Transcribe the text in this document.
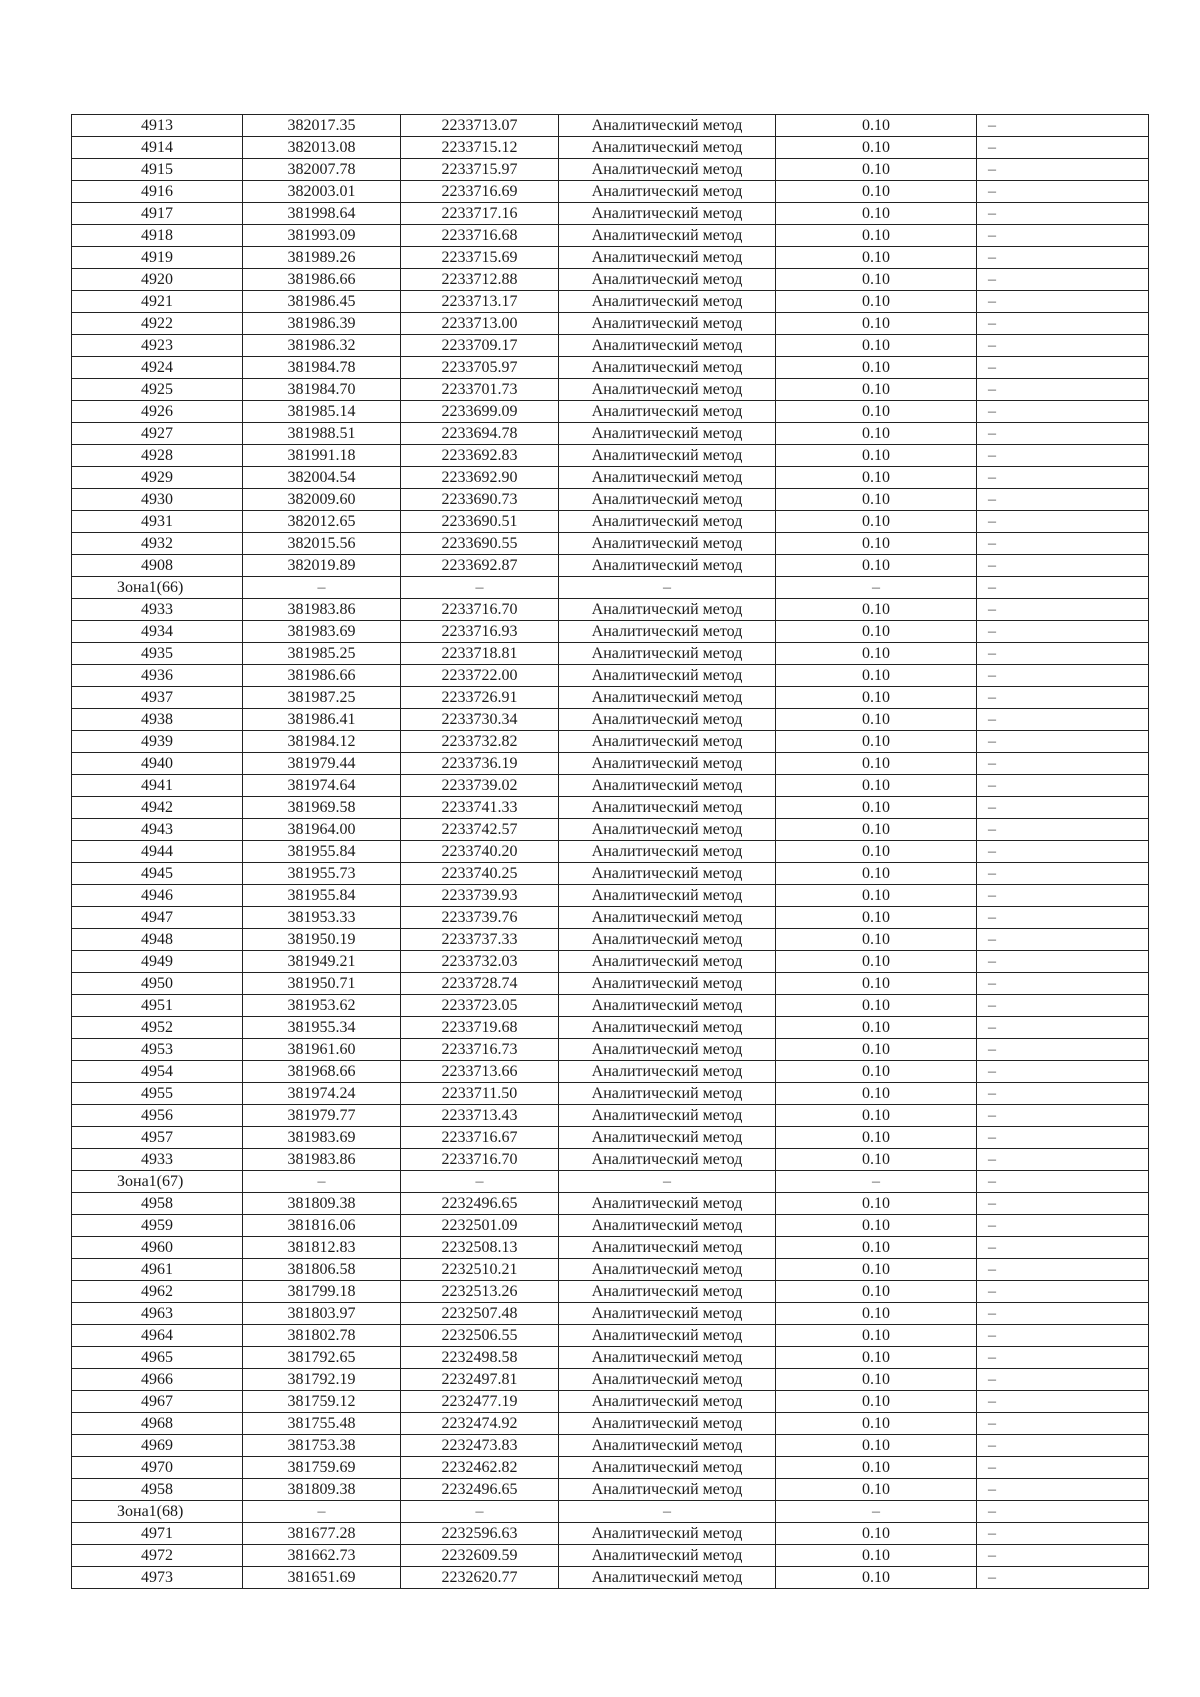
4913	382017.35	2233713.07	Аналитический метод	0.10	–
4914	382013.08	2233715.12	Аналитический метод	0.10	–
4915	382007.78	2233715.97	Аналитический метод	0.10	–
4916	382003.01	2233716.69	Аналитический метод	0.10	–
4917	381998.64	2233717.16	Аналитический метод	0.10	–
4918	381993.09	2233716.68	Аналитический метод	0.10	–
4919	381989.26	2233715.69	Аналитический метод	0.10	–
4920	381986.66	2233712.88	Аналитический метод	0.10	–
4921	381986.45	2233713.17	Аналитический метод	0.10	–
4922	381986.39	2233713.00	Аналитический метод	0.10	–
4923	381986.32	2233709.17	Аналитический метод	0.10	–
4924	381984.78	2233705.97	Аналитический метод	0.10	–
4925	381984.70	2233701.73	Аналитический метод	0.10	–
4926	381985.14	2233699.09	Аналитический метод	0.10	–
4927	381988.51	2233694.78	Аналитический метод	0.10	–
4928	381991.18	2233692.83	Аналитический метод	0.10	–
4929	382004.54	2233692.90	Аналитический метод	0.10	–
4930	382009.60	2233690.73	Аналитический метод	0.10	–
4931	382012.65	2233690.51	Аналитический метод	0.10	–
4932	382015.56	2233690.55	Аналитический метод	0.10	–
4908	382019.89	2233692.87	Аналитический метод	0.10	–
Зона1(66)	–	–	–	–	–
4933	381983.86	2233716.70	Аналитический метод	0.10	–
4934	381983.69	2233716.93	Аналитический метод	0.10	–
4935	381985.25	2233718.81	Аналитический метод	0.10	–
4936	381986.66	2233722.00	Аналитический метод	0.10	–
4937	381987.25	2233726.91	Аналитический метод	0.10	–
4938	381986.41	2233730.34	Аналитический метод	0.10	–
4939	381984.12	2233732.82	Аналитический метод	0.10	–
4940	381979.44	2233736.19	Аналитический метод	0.10	–
4941	381974.64	2233739.02	Аналитический метод	0.10	–
4942	381969.58	2233741.33	Аналитический метод	0.10	–
4943	381964.00	2233742.57	Аналитический метод	0.10	–
4944	381955.84	2233740.20	Аналитический метод	0.10	–
4945	381955.73	2233740.25	Аналитический метод	0.10	–
4946	381955.84	2233739.93	Аналитический метод	0.10	–
4947	381953.33	2233739.76	Аналитический метод	0.10	–
4948	381950.19	2233737.33	Аналитический метод	0.10	–
4949	381949.21	2233732.03	Аналитический метод	0.10	–
4950	381950.71	2233728.74	Аналитический метод	0.10	–
4951	381953.62	2233723.05	Аналитический метод	0.10	–
4952	381955.34	2233719.68	Аналитический метод	0.10	–
4953	381961.60	2233716.73	Аналитический метод	0.10	–
4954	381968.66	2233713.66	Аналитический метод	0.10	–
4955	381974.24	2233711.50	Аналитический метод	0.10	–
4956	381979.77	2233713.43	Аналитический метод	0.10	–
4957	381983.69	2233716.67	Аналитический метод	0.10	–
4933	381983.86	2233716.70	Аналитический метод	0.10	–
Зона1(67)	–	–	–	–	–
4958	381809.38	2232496.65	Аналитический метод	0.10	–
4959	381816.06	2232501.09	Аналитический метод	0.10	–
4960	381812.83	2232508.13	Аналитический метод	0.10	–
4961	381806.58	2232510.21	Аналитический метод	0.10	–
4962	381799.18	2232513.26	Аналитический метод	0.10	–
4963	381803.97	2232507.48	Аналитический метод	0.10	–
4964	381802.78	2232506.55	Аналитический метод	0.10	–
4965	381792.65	2232498.58	Аналитический метод	0.10	–
4966	381792.19	2232497.81	Аналитический метод	0.10	–
4967	381759.12	2232477.19	Аналитический метод	0.10	–
4968	381755.48	2232474.92	Аналитический метод	0.10	–
4969	381753.38	2232473.83	Аналитический метод	0.10	–
4970	381759.69	2232462.82	Аналитический метод	0.10	–
4958	381809.38	2232496.65	Аналитический метод	0.10	–
Зона1(68)	–	–	–	–	–
4971	381677.28	2232596.63	Аналитический метод	0.10	–
4972	381662.73	2232609.59	Аналитический метод	0.10	–
4973	381651.69	2232620.77	Аналитический метод	0.10	–
